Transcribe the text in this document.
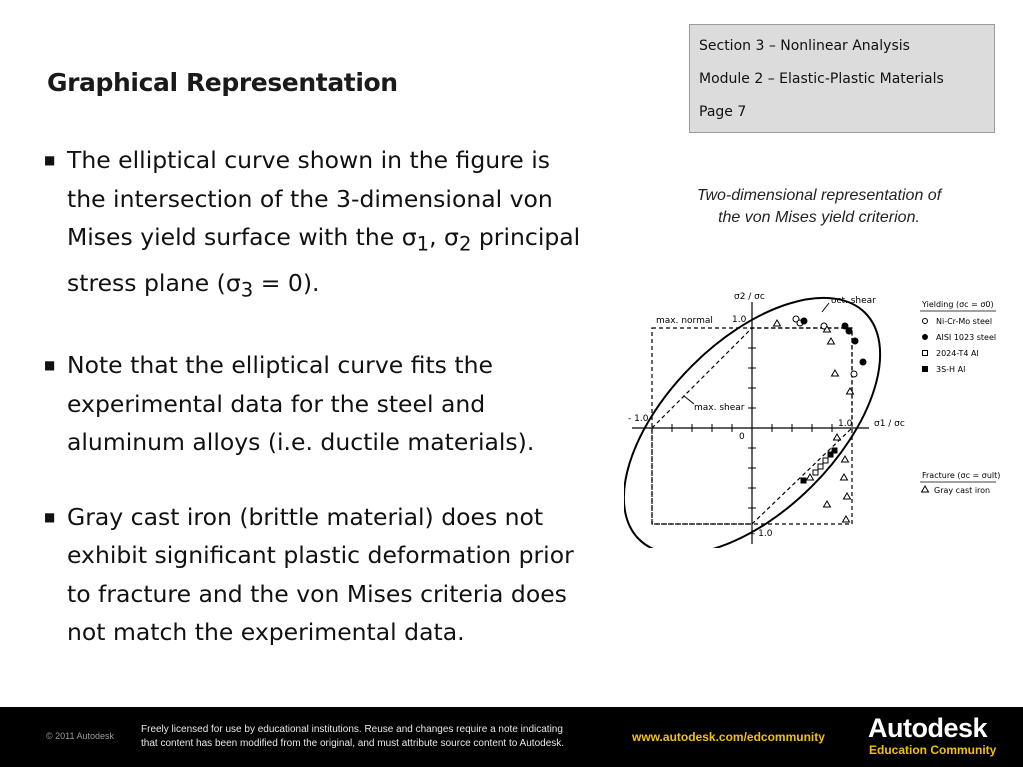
Graphical Representation
Section 3 – Nonlinear Analysis
Module 2 – Elastic-Plastic Materials
Page 7
■ The elliptical curve shown in the figure is the intersection of the 3-dimensional von Mises yield surface with the $\sigma_1$, $\sigma_2$ principal stress plane $(\sigma_3 = 0)$.
■ Note that the elliptical curve fits the experimental data for the steel and aluminum alloys (i.e. ductile materials).
■ Gray cast iron (brittle material) does not exhibit significant plastic deformation prior to fracture and the von Mises criteria does not match the experimental data.
Two-dimensional representation of
the von Mises yield criterion.
σ2 / σc
σ1 / σc
0
1.0
- 1.0
1.0
- 1.0
oct. shear
max. normal
max. shear
Yielding (σc = σ0)
Ni-Cr-Mo steel
AISI 1023 steel
2024-T4 Al
3S-H Al
Fracture (σc = σult)
Gray cast iron
© 2011 Autodesk
Freely licensed for use by educational institutions. Reuse and changes require a note indicating
that content has been modified from the original, and must attribute source content to Autodesk.	www.autodesk.com/edcommunity Autodesk
Education Community
